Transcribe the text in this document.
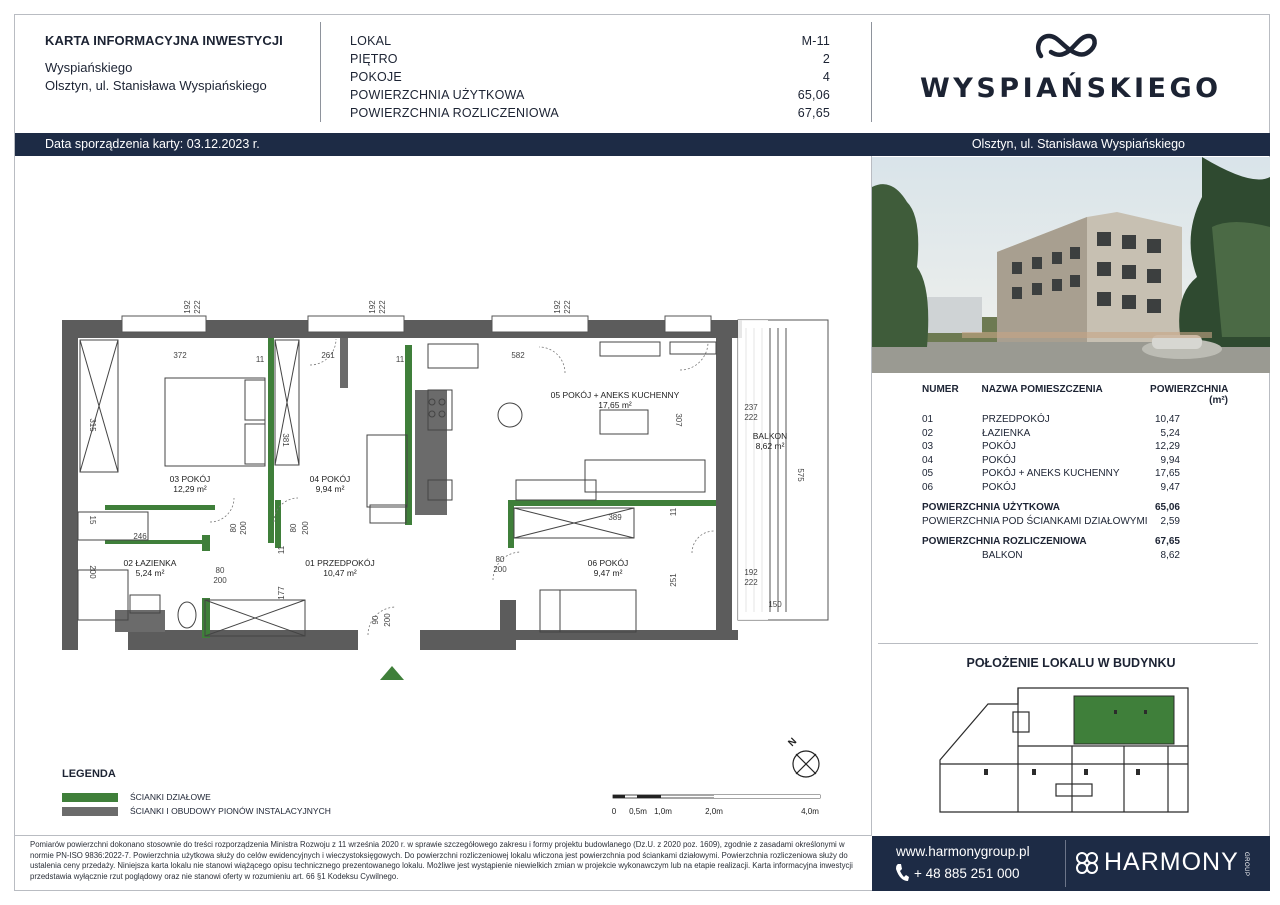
KARTA INFORMACYJNA INWESTYCJI
Wyspiańskiego
Olsztyn, ul. Stanisława Wyspiańskiego
LOKAL	M-11
PIĘTRO	2
POKOJE	4
POWIERZCHNIA UŻYTKOWA	65,06
POWIERZCHNIA ROZLICZENIOWA	67,65
WYSPIAŃSKIEGO
Data sporządzenia karty: 03.12.2023 r.	Olsztyn, ul. Stanisława Wyspiańskiego
NUMER	NAZWA POMIESZCZENIA	POWIERZCHNIA (m²)
01	PRZEDPOKÓJ	10,47
02	ŁAZIENKA	5,24
03	POKÓJ	12,29
04	POKÓJ	9,94
05	POKÓJ + ANEKS KUCHENNY	17,65
06	POKÓJ	9,47
POWIERZCHNIA UŻYTKOWA	65,06
POWIERZCHNIA POD ŚCIANKAMI DZIAŁOWYMI	2,59
POWIERZCHNIA ROZLICZENIOWA	67,65
BALKON	8,62
POŁOŻENIE LOKALU W BUDYNKU
03 POKÓJ
12,29 m²
04 POKÓJ
9,94 m²
05 POKÓJ + ANEKS KUCHENNY
17,65 m²
06 POKÓJ
9,47 m²
02 ŁAZIENKA
5,24 m²
01 PRZEDPOKÓJ
10,47 m²
BALKON
8,62 m²
372	261	582
389
315
381
307
575
246
150
237
222
192
222
192 222	192 222	192 222
80
200
80
200
80 200	80 200
90 200
177
251
11	11
11
11
15
200
LEGENDA
ŚCIANKI DZIAŁOWE
ŚCIANKI I OBUDOWY PIONÓW INSTALACYJNYCH
N
0 0,5m 1,0m	2,0m	4,0m
Pomiarów powierzchni dokonano stosownie do treści rozporządzenia Ministra Rozwoju z 11 września 2020 r. w sprawie szczegółowego zakresu i formy projektu budowlanego (Dz.U. z 2020 poz. 1609), zgodnie z zasadami określonymi w normie PN-ISO 9836:2022-7. Powierzchnia użytkowa służy do celów ewidencyjnych i wieczystoksięgowych. Do powierzchni rozliczeniowej lokalu wliczona jest powierzchnia pod ściankami działowymi. Powierzchnia rozliczeniowa służy do ustalenia ceny przedaży. Niniejsza karta lokalu nie stanowi wiążącego opisu technicznego prezentowanego lokalu. Możliwe jest wystąpienie niewielkich zmian w projekcie wykonawczym lub na etapie realizacji. Karta informacyjna inwestycji przedstawia wyłącznie rzut poglądowy oraz nie stanowi oferty w rozumieniu art. 66 §1 Kodeksu Cywilnego.
www.harmonygroup.pl
+ 48 885 251 000	HARMONY GROUP
